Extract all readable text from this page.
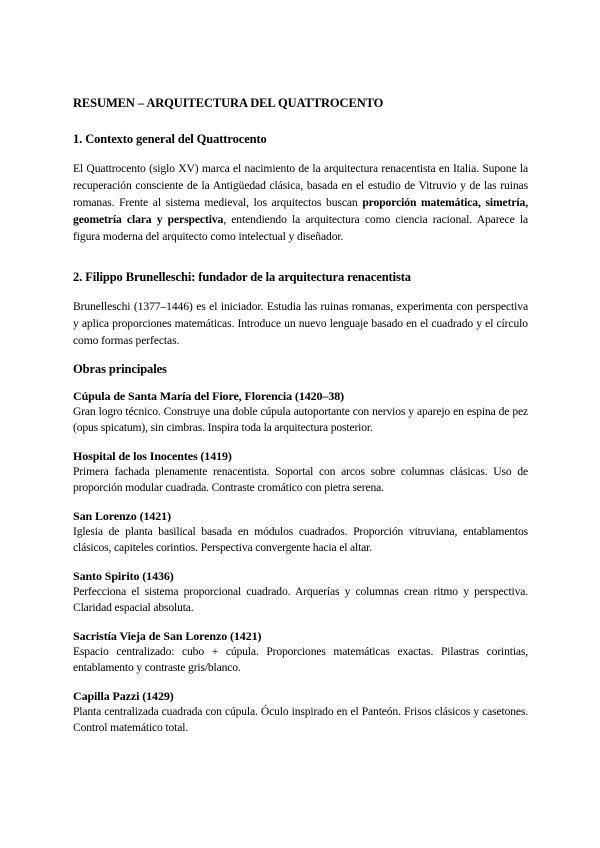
RESUMEN – ARQUITECTURA DEL QUATTROCENTO
1. Contexto general del Quattrocento

El Quattrocento (siglo XV) marca el nacimiento de la arquitectura renacentista en Italia. Supone la recuperación consciente de la Antigüedad clásica, basada en el estudio de Vitruvio y de las ruinas romanas. Frente al sistema medieval, los arquitectos buscan proporción matemática, simetría, geometría clara y perspectiva, entendiendo la arquitectura como ciencia racional. Aparece la figura moderna del arquitecto como intelectual y diseñador.

2. Filippo Brunelleschi: fundador de la arquitectura renacentista

Brunelleschi (1377–1446) es el iniciador. Estudia las ruinas romanas, experimenta con perspectiva y aplica proporciones matemáticas. Introduce un nuevo lenguaje basado en el cuadrado y el círculo como formas perfectas.

Obras principales
Cúpula de Santa María del Fiore, Florencia (1420–38)
Gran logro técnico. Construye una doble cúpula autoportante con nervios y aparejo en espina de pez (opus spicatum), sin cimbras. Inspira toda la arquitectura posterior.
Hospital de los Inocentes (1419)
Primera fachada plenamente renacentista. Soportal con arcos sobre columnas clásicas. Uso de proporción modular cuadrada. Contraste cromático con pietra serena.
San Lorenzo (1421)
Iglesia de planta basilical basada en módulos cuadrados. Proporción vitruviana, entablamentos clásicos, capiteles corintios. Perspectiva convergente hacia el altar.
Santo Spirito (1436)
Perfecciona el sistema proporcional cuadrado. Arquerías y columnas crean ritmo y perspectiva. Claridad espacial absoluta.
Sacristía Vieja de San Lorenzo (1421)
Espacio centralizado: cubo + cúpula. Proporciones matemáticas exactas. Pilastras corintias, entablamento y contraste gris/blanco.
Capilla Pazzi (1429)
Planta centralizada cuadrada con cúpula. Óculo inspirado en el Panteón. Frisos clásicos y casetones. Control matemático total.
